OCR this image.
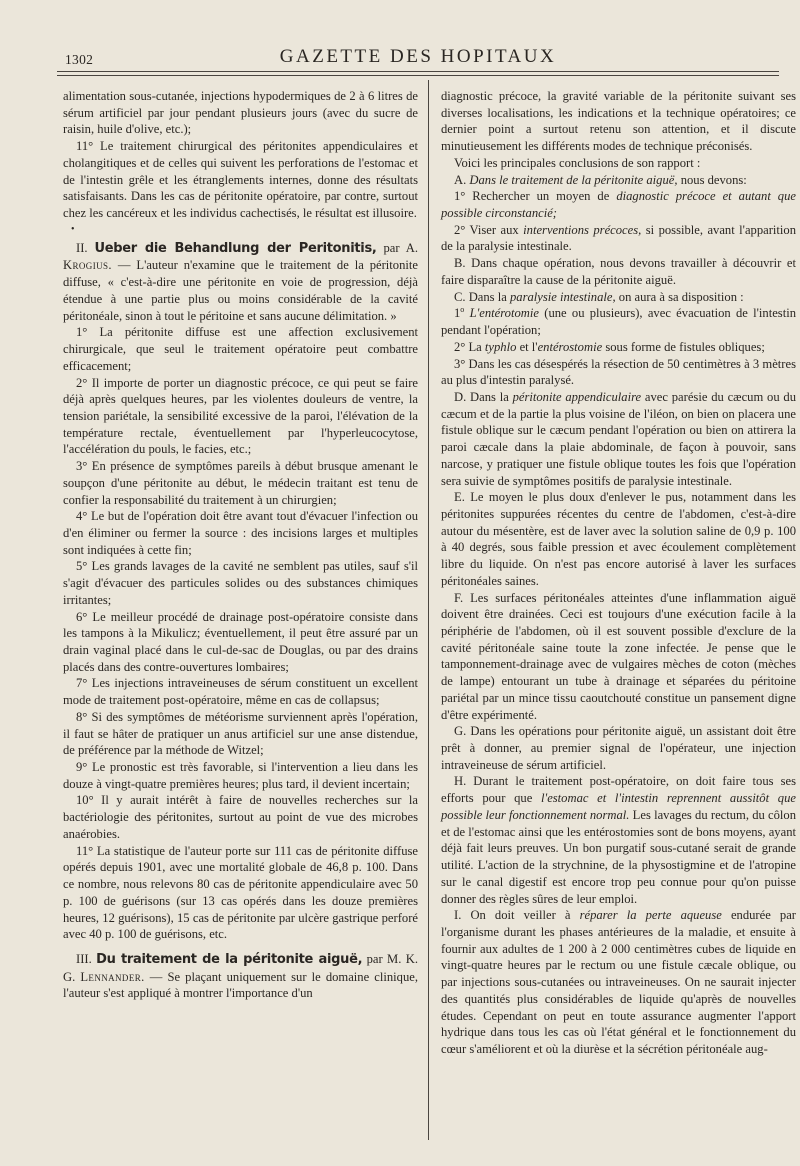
1302	GAZETTE DES HOPITAUX

alimentation sous-cutanée, injections hypodermiques de 2 à 6 litres de sérum artificiel par jour pendant plusieurs jours (avec du sucre de raisin, huile d'olive, etc.);

11° Le traitement chirurgical des péritonites appendiculaires et cholangitiques et de celles qui suivent les perforations de l'estomac et de l'intestin grêle et les étranglements internes, donne des résultats satisfaisants. Dans les cas de péritonite opératoire, par contre, surtout chez les cancéreux et les individus cachectisés, le résultat est illusoire.

•

II. Ueber die Behandlung der Peritonitis, par A. Krogius. — L'auteur n'examine que le traitement de la péritonite diffuse, « c'est-à-dire une péritonite en voie de progression, déjà étendue à une partie plus ou moins considérable de la cavité péritonéale, sinon à tout le péritoine et sans aucune délimitation. »

1° La péritonite diffuse est une affection exclusivement chirurgicale, que seul le traitement opératoire peut combattre efficacement;

2° Il importe de porter un diagnostic précoce, ce qui peut se faire déjà après quelques heures, par les violentes douleurs de ventre, la tension pariétale, la sensibilité excessive de la paroi, l'élévation de la température rectale, éventuellement par l'hyperleucocytose, l'accélération du pouls, le facies, etc.;

3° En présence de symptômes pareils à début brusque amenant le soupçon d'une péritonite au début, le médecin traitant est tenu de confier la responsabilité du traitement à un chirurgien;

4° Le but de l'opération doit être avant tout d'évacuer l'infection ou d'en éliminer ou fermer la source : des incisions larges et multiples sont indiquées à cette fin;

5° Les grands lavages de la cavité ne semblent pas utiles, sauf s'il s'agit d'évacuer des particules solides ou des substances chimiques irritantes;

6° Le meilleur procédé de drainage post-opératoire consiste dans les tampons à la Mikulicz; éventuellement, il peut être assuré par un drain vaginal placé dans le cul-de-sac de Douglas, ou par des drains placés dans des contre-ouvertures lombaires;

7° Les injections intraveineuses de sérum constituent un excellent mode de traitement post-opératoire, même en cas de collapsus;

8° Si des symptômes de météorisme surviennent après l'opération, il faut se hâter de pratiquer un anus artificiel sur une anse distendue, de préférence par la méthode de Witzel;

9° Le pronostic est très favorable, si l'intervention a lieu dans les douze à vingt-quatre premières heures; plus tard, il devient incertain;

10° Il y aurait intérêt à faire de nouvelles recherches sur la bactériologie des péritonites, surtout au point de vue des microbes anaérobies.

11° La statistique de l'auteur porte sur 111 cas de péritonite diffuse opérés depuis 1901, avec une mortalité globale de 46,8 p. 100. Dans ce nombre, nous relevons 80 cas de péritonite appendiculaire avec 50 p. 100 de guérisons (sur 13 cas opérés dans les douze premières heures, 12 guérisons), 15 cas de péritonite par ulcère gastrique perforé avec 40 p. 100 de guérisons, etc.

III. Du traitement de la péritonite aiguë, par M. K. G. Lennander. — Se plaçant uniquement sur le domaine clinique, l'auteur s'est appliqué à montrer l'importance d'un

diagnostic précoce, la gravité variable de la péritonite suivant ses diverses localisations, les indications et la technique opératoires; ce dernier point a surtout retenu son attention, et il discute minutieusement les différents modes de technique préconisés.

Voici les principales conclusions de son rapport :

A. Dans le traitement de la péritonite aiguë, nous devons:

1° Rechercher un moyen de diagnostic précoce et autant que possible circonstancié;

2° Viser aux interventions précoces, si possible, avant l'apparition de la paralysie intestinale.

B. Dans chaque opération, nous devons travailler à découvrir et faire disparaître la cause de la péritonite aiguë.

C. Dans la paralysie intestinale, on aura à sa disposition :

1$^o$ L'entérotomie (une ou plusieurs), avec évacuation de l'intestin pendant l'opération;

2° La typhlo et l'entérostomie sous forme de fistules obliques;

3° Dans les cas désespérés la résection de 50 centimètres à 3 mètres au plus d'intestin paralysé.

D. Dans la péritonite appendiculaire avec parésie du cæcum ou du cæcum et de la partie la plus voisine de l'iléon, on bien on placera une fistule oblique sur le cæcum pendant l'opération ou bien on attirera la paroi cæcale dans la plaie abdominale, de façon à pouvoir, sans narcose, y pratiquer une fistule oblique toutes les fois que l'opération sera suivie de symptômes positifs de paralysie intestinale.

E. Le moyen le plus doux d'enlever le pus, notamment dans les péritonites suppurées récentes du centre de l'abdomen, c'est-à-dire autour du mésentère, est de laver avec la solution saline de 0,9 p. 100 à 40 degrés, sous faible pression et avec écoulement complètement libre du liquide. On n'est pas encore autorisé à laver les surfaces péritonéales saines.

F. Les surfaces péritonéales atteintes d'une inflammation aiguë doivent être drainées. Ceci est toujours d'une exécution facile à la périphérie de l'abdomen, où il est souvent possible d'exclure de la cavité péritonéale saine toute la zone infectée. Je pense que le tamponnement-drainage avec de vulgaires mèches de coton (mèches de lampe) entourant un tube à drainage et séparées du péritoine pariétal par un mince tissu caoutchouté constitue un pansement digne d'être expérimenté.

G. Dans les opérations pour péritonite aiguë, un assistant doit être prêt à donner, au premier signal de l'opérateur, une injection intraveineuse de sérum artificiel.

H. Durant le traitement post-opératoire, on doit faire tous ses efforts pour que l'estomac et l'intestin reprennent aussitôt que possible leur fonctionnement normal. Les lavages du rectum, du côlon et de l'estomac ainsi que les entérostomies sont de bons moyens, ayant déjà fait leurs preuves. Un bon purgatif sous-cutané serait de grande utilité. L'action de la strychnine, de la physostigmine et de l'atropine sur le canal digestif est encore trop peu connue pour qu'on puisse donner des règles sûres de leur emploi.

I. On doit veiller à réparer la perte aqueuse endurée par l'organisme durant les phases antérieures de la maladie, et ensuite à fournir aux adultes de 1 200 à 2 000 centimètres cubes de liquide en vingt-quatre heures par le rectum ou une fistule cæcale oblique, ou par injections sous-cutanées ou intraveineuses. On ne saurait injecter des quantités plus considérables de liquide qu'après de nouvelles études. Cependant on peut en toute assurance augmenter l'apport hydrique dans tous les cas où l'état général et le fonctionnement du cœur s'améliorent et où la diurèse et la sécrétion péritonéale aug-
